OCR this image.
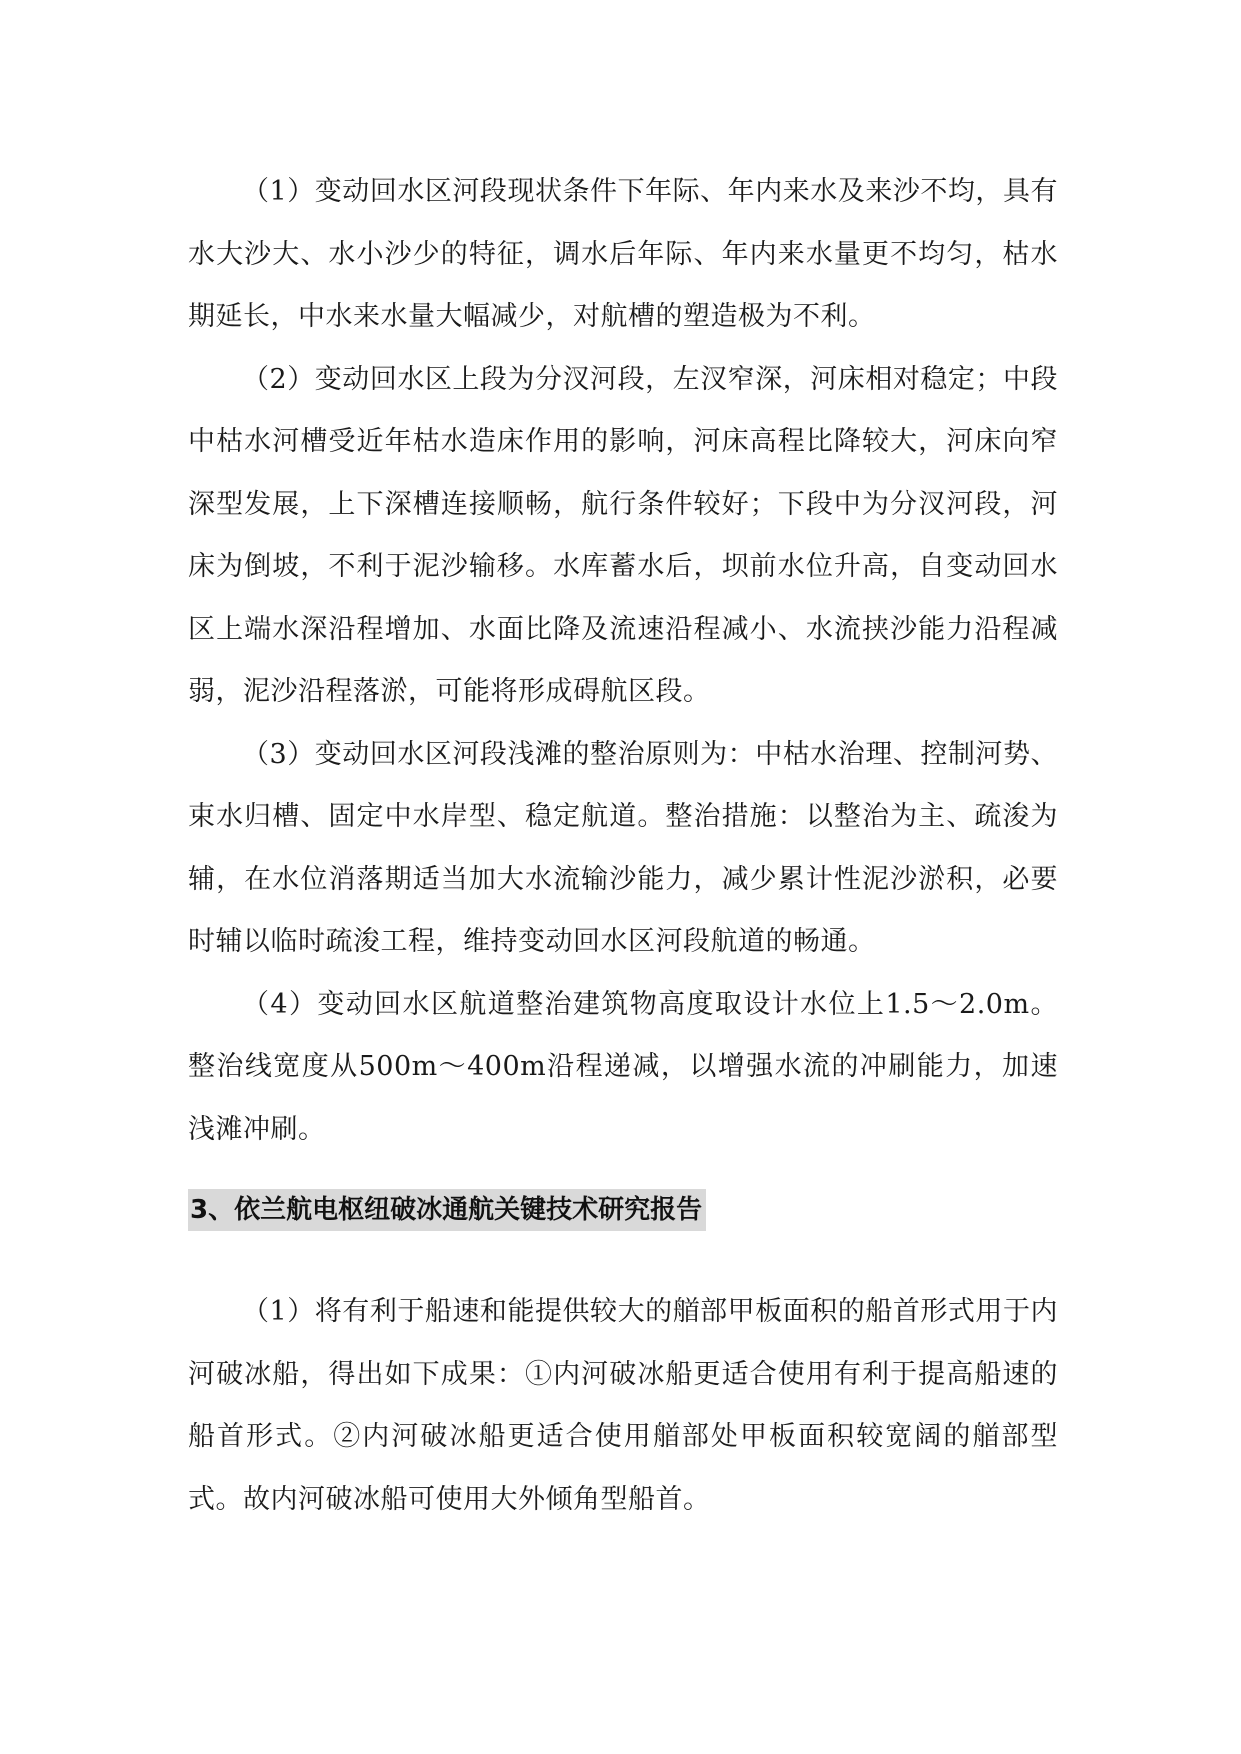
（1）变动回水区河段现状条件下年际、年内来水及来沙不均，具有水大沙大、水小沙少的特征，调水后年际、年内来水量更不均匀，枯水期延长，中水来水量大幅减少，对航槽的塑造极为不利。

（2）变动回水区上段为分汊河段，左汊窄深，河床相对稳定；中段中枯水河槽受近年枯水造床作用的影响，河床高程比降较大，河床向窄深型发展，上下深槽连接顺畅，航行条件较好；下段中为分汊河段，河床为倒坡，不利于泥沙输移。水库蓄水后，坝前水位升高，自变动回水区上端水深沿程增加、水面比降及流速沿程减小、水流挟沙能力沿程减弱，泥沙沿程落淤，可能将形成碍航区段。

（3）变动回水区河段浅滩的整治原则为：中枯水治理、控制河势、束水归槽、固定中水岸型、稳定航道。整治措施：以整治为主、疏浚为辅，在水位消落期适当加大水流输沙能力，减少累计性泥沙淤积，必要时辅以临时疏浚工程，维持变动回水区河段航道的畅通。

（4）变动回水区航道整治建筑物高度取设计水位上1.5～2.0m。整治线宽度从500m～400m沿程递减，以增强水流的冲刷能力，加速浅滩冲刷。

3、依兰航电枢纽破冰通航关键技术研究报告

（1）将有利于船速和能提供较大的艏部甲板面积的船首形式用于内河破冰船，得出如下成果：①内河破冰船更适合使用有利于提高船速的船首形式。②内河破冰船更适合使用艏部处甲板面积较宽阔的艏部型式。故内河破冰船可使用大外倾角型船首。
